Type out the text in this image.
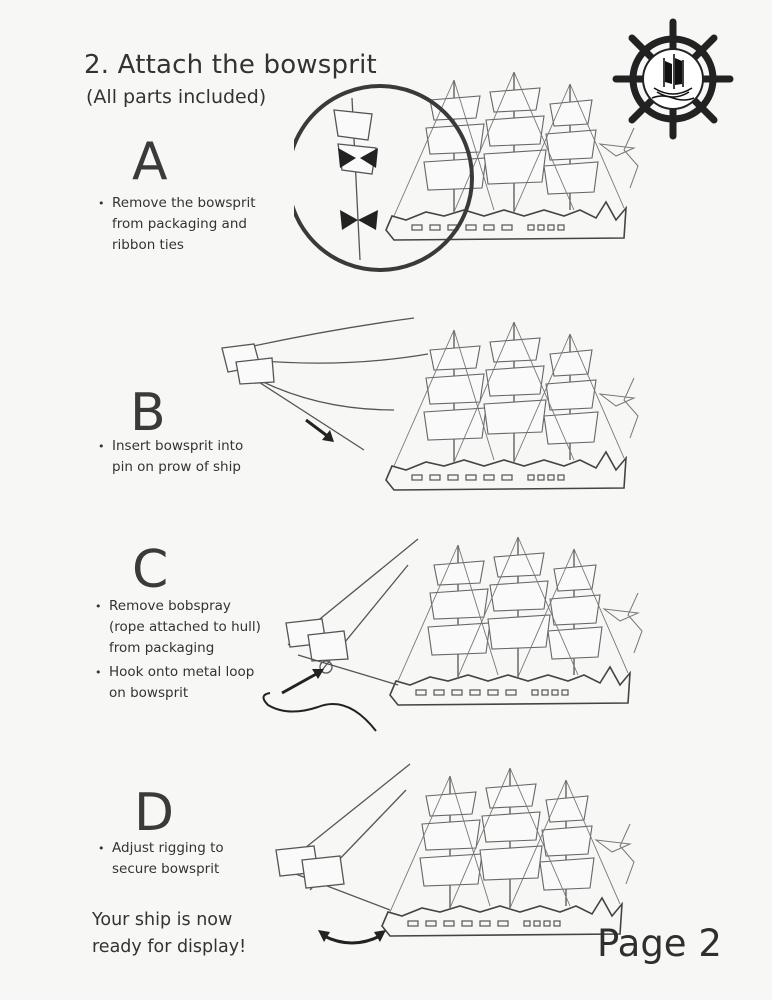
2. Attach the bowsprit
(All parts included)
A
• Remove the bowsprit
from packaging and
ribbon ties
B
• Insert bowsprit into
pin on prow of ship
C
• Remove bobspray
(rope attached to hull)
from packaging
• Hook onto metal loop
on bowsprit
D
• Adjust rigging to
secure bowsprit
Your ship is now
ready for display!	Page 2
